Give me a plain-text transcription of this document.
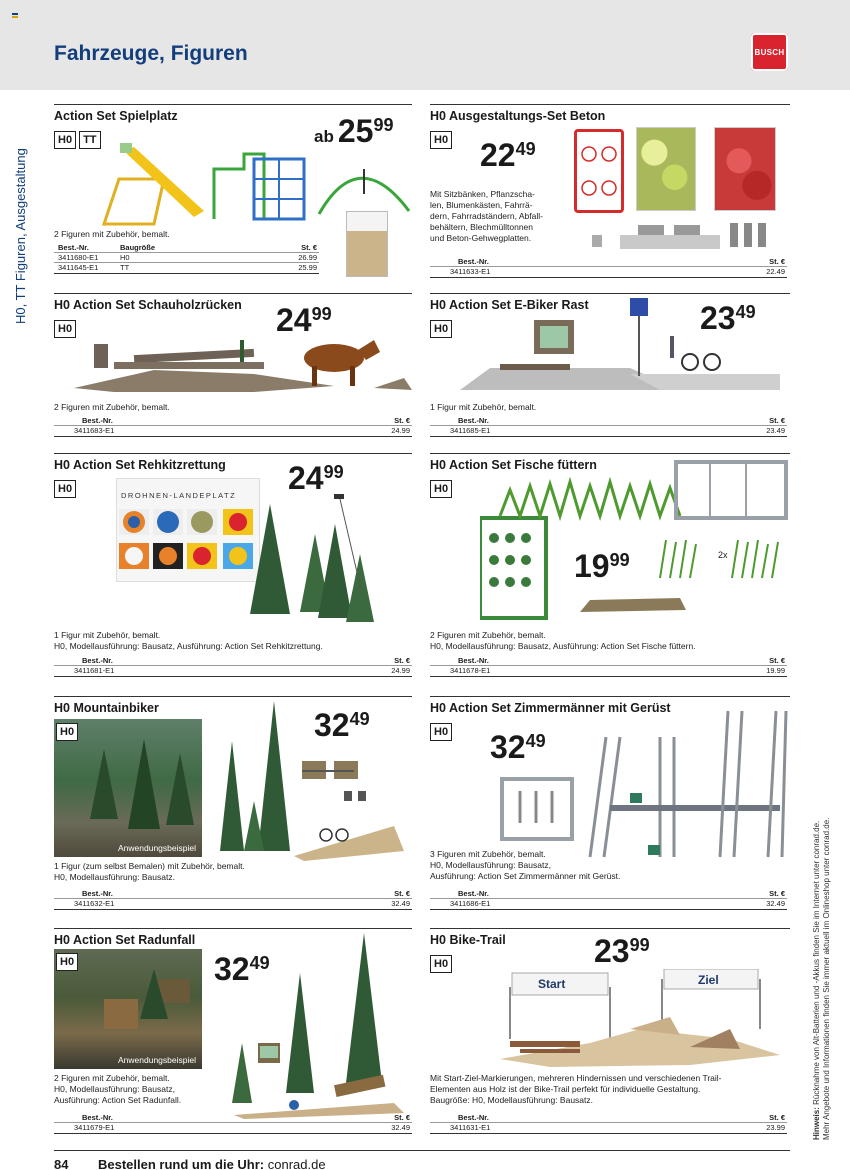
Fahrzeuge, Figuren	BUSCH
H0, TT Figuren, Ausgestaltung
Hinweis: Rücknahme von Alt-Batterien und -Akkus finden Sie im Internet unter conrad.de. Mehr Angebote und Informationen finden Sie immer aktuell im Onlineshop unter conrad.de.
Action Set Spielplatz
H0	TT	ab 2599
2 Figuren mit Zubehör, bemalt.
Best.-Nr.	Baugröße	St. €
3411680-E1	H0	26.99
3411645-E1	TT	25.99
H0 Ausgestaltungs-Set Beton
H0 2249
Mit Sitzbänken, Pflanzscha-
len, Blumenkästen, Fahrrä-
dern, Fahrradständern, Abfall-
behältern, Blechmülltonnen
und Beton-Gehwegplatten.
Best.-Nr.	St. €
3411633-E1	22.49
H0 Action Set Schauholzrücken
H0	2499
2 Figuren mit Zubehör, bemalt.
Best.-Nr.	St. €
3411683-E1	24.99
H0 Action Set E-Biker Rast
H0	2349
1 Figur mit Zubehör, bemalt.
Best.-Nr.	St. €
3411685-E1	23.49
H0 Action Set Rehkitzrettung
H0	2499
DROHNEN-LANDEPLATZ
1 Figur mit Zubehör, bemalt.
H0, Modellausführung: Bausatz, Ausführung: Action Set Rehkitzrettung.
Best.-Nr.	St. €
3411681-E1	24.99
H0 Action Set Fische füttern
H0
1999	2x
2 Figuren mit Zubehör, bemalt.
H0, Modellausführung: Bausatz, Ausführung: Action Set Fische füttern.
Best.-Nr.	St. €
3411678-E1	19.99
H0 Mountainbiker
H0
Anwendungsbeispiel
3249
1 Figur (zum selbst Bemalen) mit Zubehör, bemalt.
H0, Modellausführung: Bausatz.
Best.-Nr.	St. €
3411632-E1	32.49
H0 Action Set Zimmermänner mit Gerüst
H0 3249
3 Figuren mit Zubehör, bemalt.
H0, Modellausführung: Bausatz,
Ausführung: Action Set Zimmermänner mit Gerüst.
Best.-Nr.	St. €
3411686-E1	32.49
H0 Action Set Radunfall
H0
Anwendungsbeispiel
3249
2 Figuren mit Zubehör, bemalt.
H0, Modellausführung: Bausatz,
Ausführung: Action Set Radunfall.
Best.-Nr.	St. €
3411679-E1	32.49
H0 Bike-Trail
H0	2399
Start	Ziel
Mit Start-Ziel-Markierungen, mehreren Hindernissen und verschiedenen Trail-
Elementen aus Holz ist der Bike-Trail perfekt für individuelle Gestaltung.
Baugröße: H0, Modellausführung: Bausatz.
Best.-Nr.	St. €
3411631-E1	23.99
84 Bestellen rund um die Uhr: conrad.de
